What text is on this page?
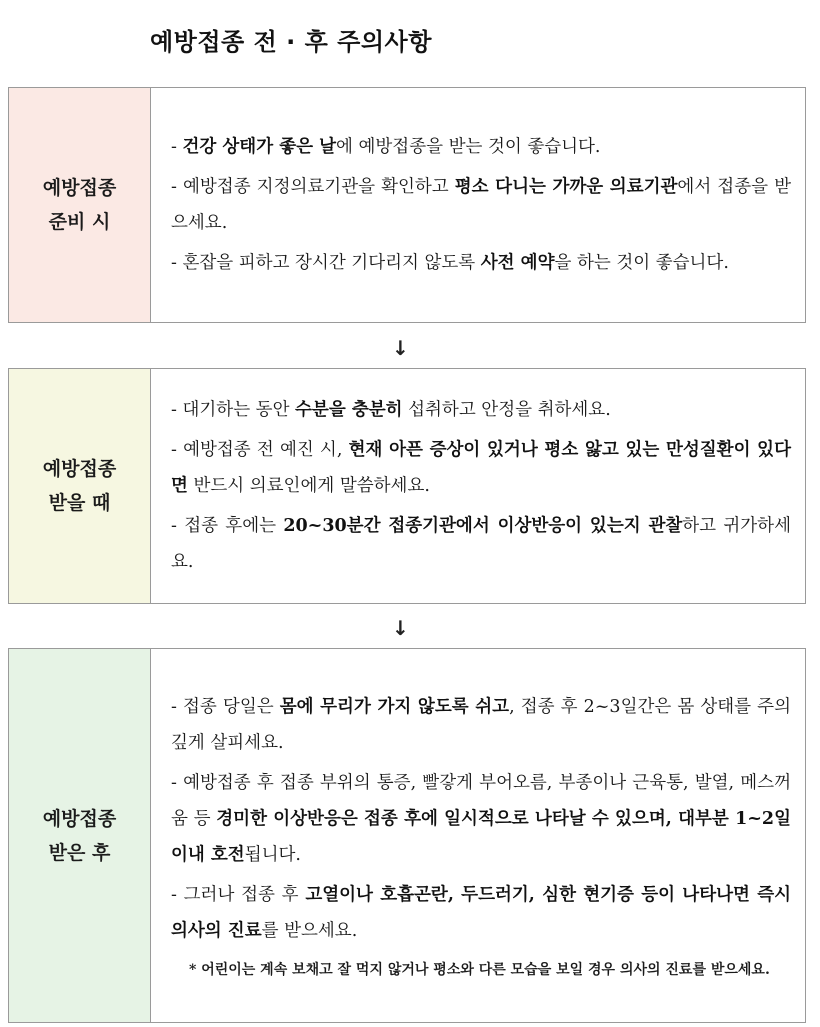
예방접종 전 · 후 주의사항
예방접종
준비 시
- 건강 상태가 좋은 날에 예방접종을 받는 것이 좋습니다.
- 예방접종 지정의료기관을 확인하고 평소 다니는 가까운 의료기관에서 접종을 받으세요.
- 혼잡을 피하고 장시간 기다리지 않도록 사전 예약을 하는 것이 좋습니다.
↓
예방접종
받을 때
- 대기하는 동안 수분을 충분히 섭취하고 안정을 취하세요.
- 예방접종 전 예진 시, 현재 아픈 증상이 있거나 평소 앓고 있는 만성질환이 있다면 반드시 의료인에게 말씀하세요.
- 접종 후에는 20~30분간 접종기관에서 이상반응이 있는지 관찰하고 귀가하세요.
↓
예방접종
받은 후
- 접종 당일은 몸에 무리가 가지 않도록 쉬고, 접종 후 2~3일간은 몸 상태를 주의 깊게 살피세요.
- 예방접종 후 접종 부위의 통증, 빨갛게 부어오름, 부종이나 근육통, 발열, 메스꺼움 등 경미한 이상반응은 접종 후에 일시적으로 나타날 수 있으며, 대부분 1~2일 이내 호전됩니다.
- 그러나 접종 후 고열이나 호흡곤란, 두드러기, 심한 현기증 등이 나타나면 즉시 의사의 진료를 받으세요.
* 어린이는 계속 보채고 잘 먹지 않거나 평소와 다른 모습을 보일 경우 의사의 진료를 받으세요.
